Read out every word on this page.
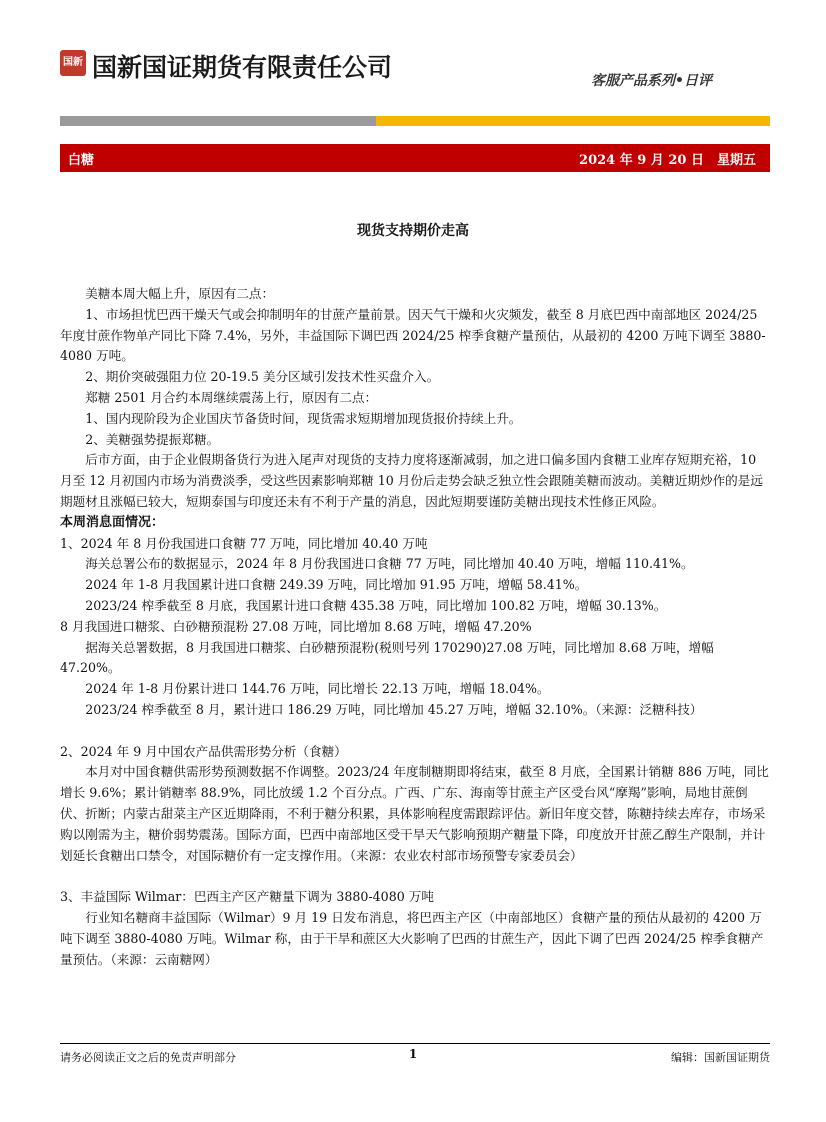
国新 国新国证期货有限责任公司	客服产品系列•日评
白糖	2024 年 9 月 20 日　星期五
现货支持期价走高

美糖本周大幅上升，原因有二点：

1、市场担忧巴西干燥天气或会抑制明年的甘蔗产量前景。因天气干燥和火灾频发，截至 8 月底巴西中南部地区 2024/25 年度甘蔗作物单产同比下降 7.4%，另外，丰益国际下调巴西 2024/25 榨季食糖产量预估，从最初的 4200 万吨下调至 3880-4080 万吨。

2、期价突破强阻力位 20-19.5 美分区域引发技术性买盘介入。

郑糖 2501 月合约本周继续震荡上行，原因有二点：

1、国内现阶段为企业国庆节备货时间，现货需求短期增加现货报价持续上升。

2、美糖强势提振郑糖。

后市方面，由于企业假期备货行为进入尾声对现货的支持力度将逐渐减弱，加之进口偏多国内食糖工业库存短期充裕，10 月至 12 月初国内市场为消费淡季，受这些因素影响郑糖 10 月份后走势会缺乏独立性会跟随美糖而波动。美糖近期炒作的是远期题材且涨幅已较大，短期泰国与印度还未有不利于产量的消息，因此短期要谨防美糖出现技术性修正风险。

本周消息面情况：

1、2024 年 8 月份我国进口食糖 77 万吨，同比增加 40.40 万吨

海关总署公布的数据显示，2024 年 8 月份我国进口食糖 77 万吨，同比增加 40.40 万吨，增幅 110.41%。

2024 年 1-8 月我国累计进口食糖 249.39 万吨，同比增加 91.95 万吨，增幅 58.41%。

2023/24 榨季截至 8 月底，我国累计进口食糖 435.38 万吨，同比增加 100.82 万吨，增幅 30.13%。

8 月我国进口糖浆、白砂糖预混粉 27.08 万吨，同比增加 8.68 万吨，增幅 47.20%

据海关总署数据，8 月我国进口糖浆、白砂糖预混粉(税则号列 170290)27.08 万吨，同比增加 8.68 万吨，增幅 47.20%。

2024 年 1-8 月份累计进口 144.76 万吨，同比增长 22.13 万吨，增幅 18.04%。

2023/24 榨季截至 8 月，累计进口 186.29 万吨，同比增加 45.27 万吨，增幅 32.10%。（来源：泛糖科技）

2、2024 年 9 月中国农产品供需形势分析（食糖）

本月对中国食糖供需形势预测数据不作调整。2023/24 年度制糖期即将结束，截至 8 月底，全国累计销糖 886 万吨，同比增长 9.6%；累计销糖率 88.9%，同比放缓 1.2 个百分点。广西、广东、海南等甘蔗主产区受台风“摩羯”影响，局地甘蔗倒伏、折断；内蒙古甜菜主产区近期降雨，不利于糖分积累，具体影响程度需跟踪评估。新旧年度交替，陈糖持续去库存，市场采购以刚需为主，糖价弱势震荡。国际方面，巴西中南部地区受干旱天气影响预期产糖量下降，印度放开甘蔗乙醇生产限制，并计划延长食糖出口禁令，对国际糖价有一定支撑作用。（来源：农业农村部市场预警专家委员会）

3、丰益国际 Wilmar：巴西主产区产糖量下调为 3880-4080 万吨

行业知名糖商丰益国际（Wilmar）9 月 19 日发布消息，将巴西主产区（中南部地区）食糖产量的预估从最初的 4200 万吨下调至 3880-4080 万吨。Wilmar 称，由于干旱和蔗区大火影响了巴西的甘蔗生产，因此下调了巴西 2024/25 榨季食糖产量预估。（来源：云南糖网）

请务必阅读正文之后的免责声明部分	1	编辑：国新国证期货
